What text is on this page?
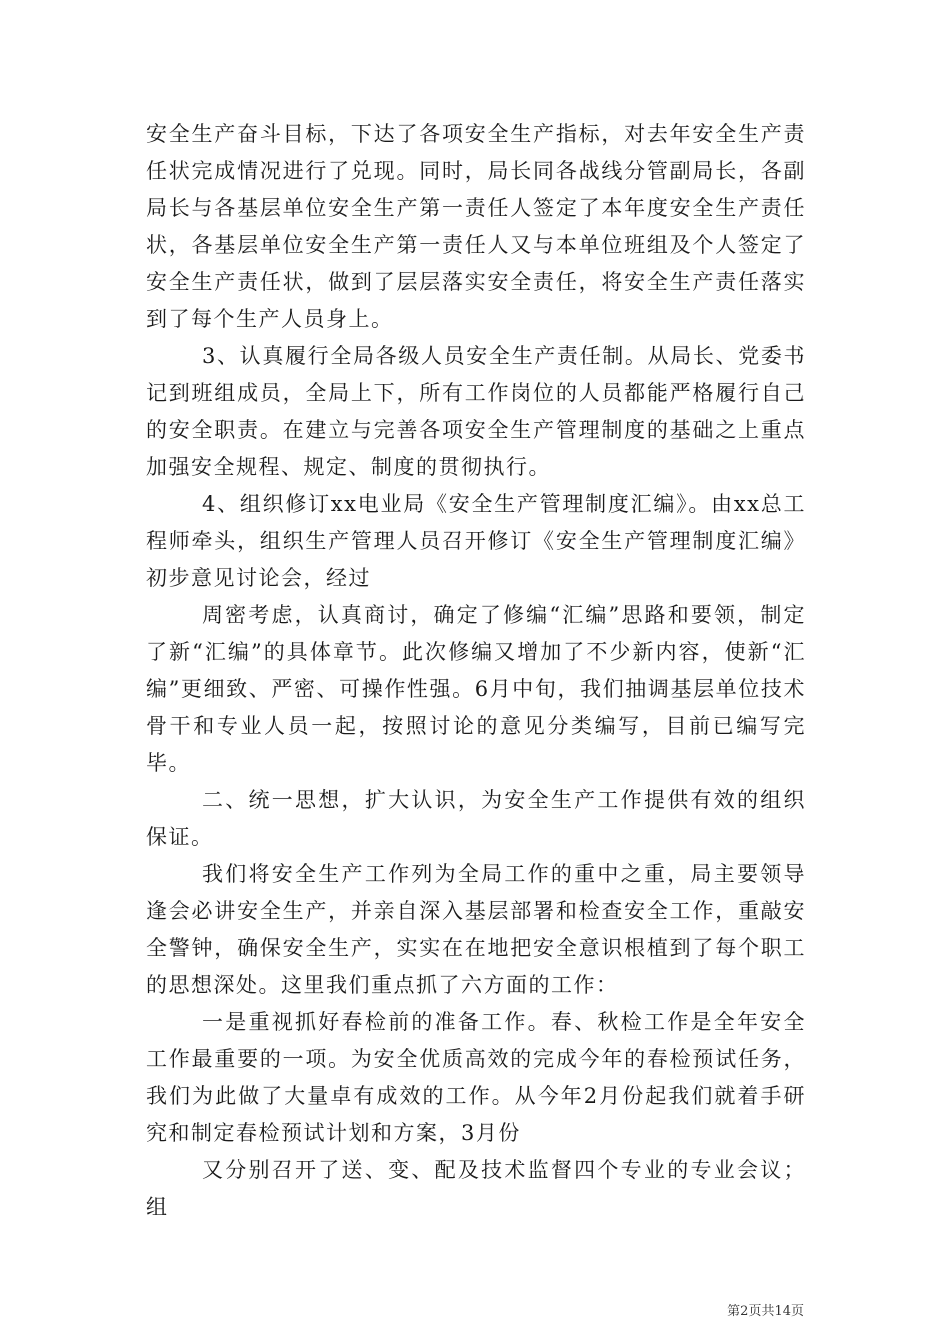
安全生产奋斗目标，下达了各项安全生产指标，对去年安全生产责任状完成情况进行了兑现。同时，局长同各战线分管副局长，各副局长与各基层单位安全生产第一责任人签定了本年度安全生产责任状，各基层单位安全生产第一责任人又与本单位班组及个人签定了安全生产责任状，做到了层层落实安全责任，将安全生产责任落实到了每个生产人员身上。

3、认真履行全局各级人员安全生产责任制。从局长、党委书记到班组成员，全局上下，所有工作岗位的人员都能严格履行自己的安全职责。在建立与完善各项安全生产管理制度的基础之上重点加强安全规程、规定、制度的贯彻执行。

4、组织修订xx电业局《安全生产管理制度汇编》。由xx总工程师牵头，组织生产管理人员召开修订《安全生产管理制度汇编》初步意见讨论会，经过

周密考虑，认真商讨，确定了修编“汇编”思路和要领，制定了新“汇编”的具体章节。此次修编又增加了不少新内容，使新“汇编”更细致、严密、可操作性强。6月中旬，我们抽调基层单位技术骨干和专业人员一起，按照讨论的意见分类编写，目前已编写完毕。

二、统一思想，扩大认识，为安全生产工作提供有效的组织保证。

我们将安全生产工作列为全局工作的重中之重，局主要领导逢会必讲安全生产，并亲自深入基层部署和检查安全工作，重敲安全警钟，确保安全生产，实实在在地把安全意识根植到了每个职工的思想深处。这里我们重点抓了六方面的工作：

一是重视抓好春检前的准备工作。春、秋检工作是全年安全工作最重要的一项。为安全优质高效的完成今年的春检预试任务，我们为此做了大量卓有成效的工作。从今年2月份起我们就着手研究和制定春检预试计划和方案，3月份

又分别召开了送、变、配及技术监督四个专业的专业会议；组

第2页共14页
